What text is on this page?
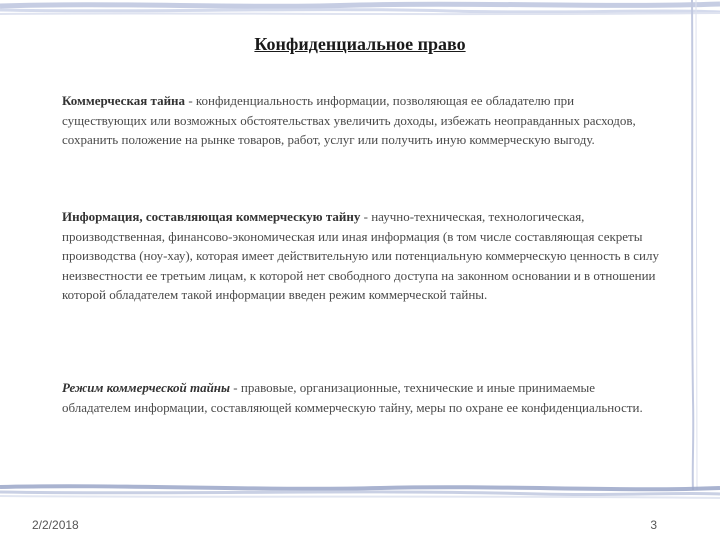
Конфиденциальное право

Коммерческая тайна - конфиденциальность информации, позволяющая ее обладателю при существующих или возможных обстоятельствах увеличить доходы, избежать неоправданных расходов, сохранить положение на рынке товаров, работ, услуг или получить иную коммерческую выгоду.

Информация, составляющая коммерческую тайну - научно-техническая, технологическая, производственная, финансово-экономическая или иная информация (в том числе составляющая секреты производства (ноу-хау), которая имеет действительную или потенциальную коммерческую ценность в силу неизвестности ее третьим лицам, к которой нет свободного доступа на законном основании и в отношении которой обладателем такой информации введен режим коммерческой тайны.

Режим коммерческой тайны - правовые, организационные, технические и иные принимаемые обладателем информации, составляющей коммерческую тайну, меры по охране ее конфиденциальности.

2/2/2018	3
